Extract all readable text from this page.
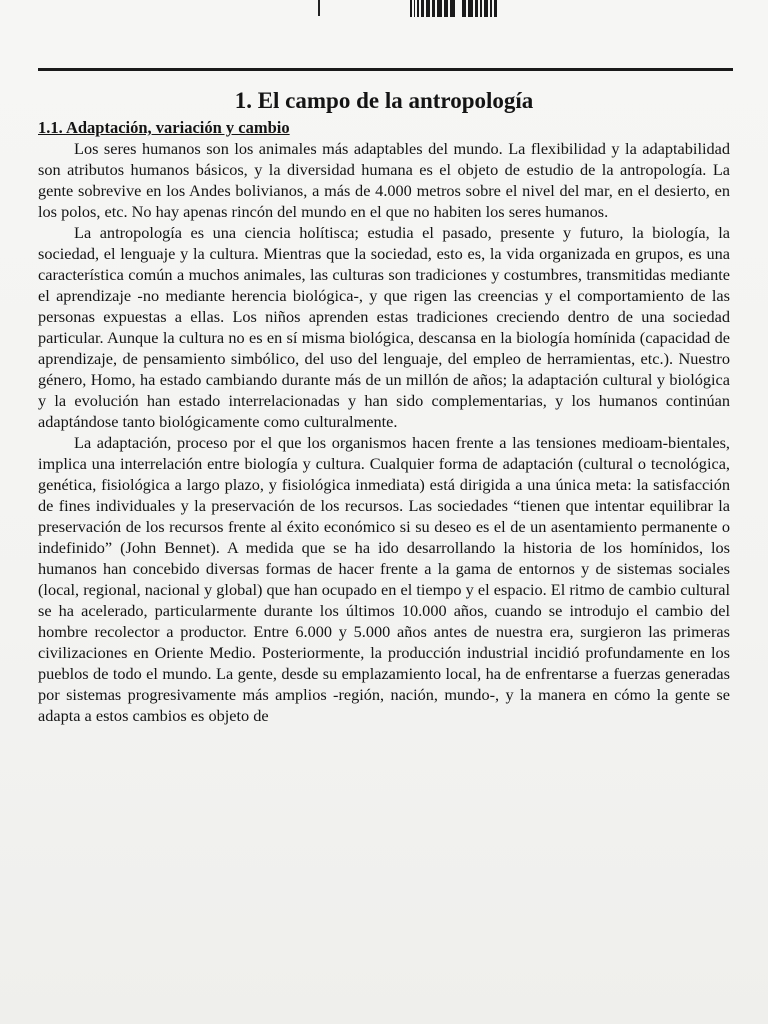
1. El campo de la antropología
1.1. Adaptación, variación y cambio

Los seres humanos son los animales más adaptables del mundo. La flexibilidad y la adaptabilidad son atributos humanos básicos, y la diversidad humana es el objeto de estudio de la antropología. La gente sobrevive en los Andes bolivianos, a más de 4.000 metros sobre el nivel del mar, en el desierto, en los polos, etc. No hay apenas rincón del mundo en el que no habiten los seres humanos.

La antropología es una ciencia holítisca; estudia el pasado, presente y futuro, la biología, la sociedad, el lenguaje y la cultura. Mientras que la sociedad, esto es, la vida organizada en grupos, es una característica común a muchos animales, las culturas son tradiciones y costumbres, transmitidas mediante el aprendizaje -no mediante herencia biológica-, y que rigen las creencias y el comportamiento de las personas expuestas a ellas. Los niños aprenden estas tradiciones creciendo dentro de una sociedad particular. Aunque la cultura no es en sí misma biológica, descansa en la biología homínida (capacidad de aprendizaje, de pensamiento simbólico, del uso del lenguaje, del empleo de herramientas, etc.). Nuestro género, Homo, ha estado cambiando durante más de un millón de años; la adaptación cultural y biológica y la evolución han estado interrelacionadas y han sido complementarias, y los humanos continúan adaptándose tanto biológicamente como culturalmente.

La adaptación, proceso por el que los organismos hacen frente a las tensiones medioam-bientales, implica una interrelación entre biología y cultura. Cualquier forma de adaptación (cultural o tecnológica, genética, fisiológica a largo plazo, y fisiológica inmediata) está dirigida a una única meta: la satisfacción de fines individuales y la preservación de los recursos. Las sociedades “tienen que intentar equilibrar la preservación de los recursos frente al éxito económico si su deseo es el de un asentamiento permanente o indefinido” (John Bennet). A medida que se ha ido desarrollando la historia de los homínidos, los humanos han concebido diversas formas de hacer frente a la gama de entornos y de sistemas sociales (local, regional, nacional y global) que han ocupado en el tiempo y el espacio. El ritmo de cambio cultural se ha acelerado, particularmente durante los últimos 10.000 años, cuando se introdujo el cambio del hombre recolector a productor. Entre 6.000 y 5.000 años antes de nuestra era, surgieron las primeras civilizaciones en Oriente Medio. Posteriormente, la producción industrial incidió profundamente en los pueblos de todo el mundo. La gente, desde su emplazamiento local, ha de enfrentarse a fuerzas generadas por sistemas progresivamente más amplios -región, nación, mundo-, y la manera en cómo la gente se adapta a estos cambios es objeto de
